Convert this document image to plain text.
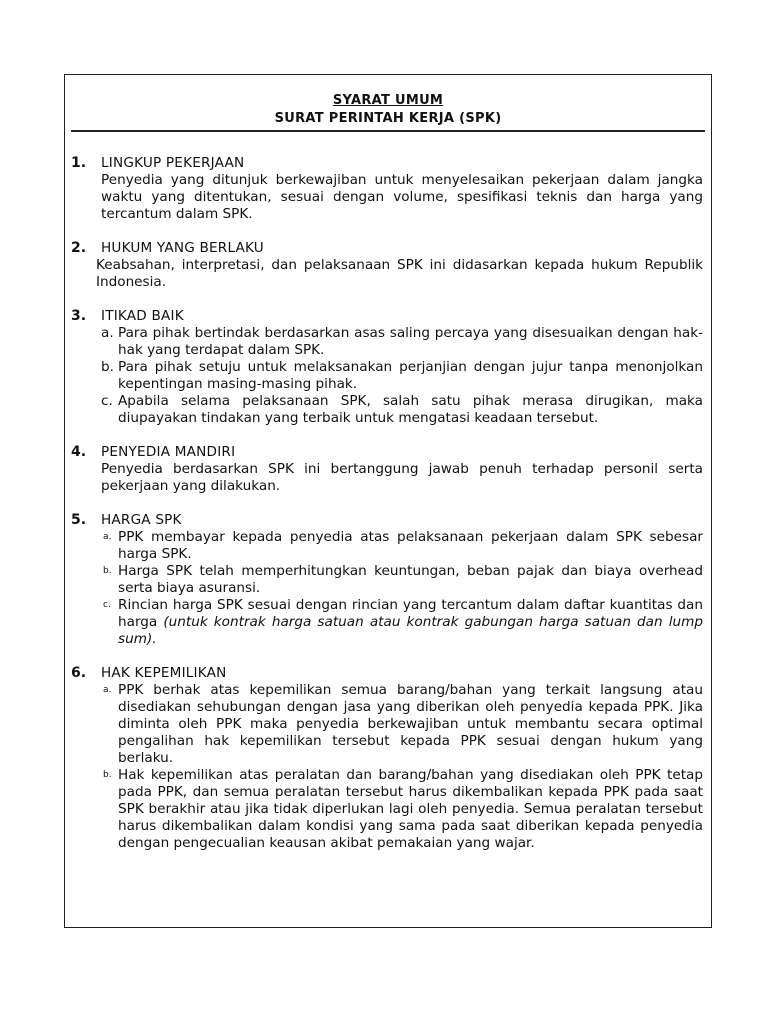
SYARAT UMUM
SURAT PERINTAH KERJA (SPK)
1. LINGKUP PEKERJAAN
Penyedia yang ditunjuk berkewajiban untuk menyelesaikan pekerjaan dalam jangka waktu yang ditentukan, sesuai dengan volume, spesifikasi teknis dan harga yang tercantum dalam SPK.
2. HUKUM YANG BERLAKU
Keabsahan, interpretasi, dan pelaksanaan SPK ini didasarkan kepada hukum Republik Indonesia.
3. ITIKAD BAIK
a. Para pihak bertindak berdasarkan asas saling percaya yang disesuaikan dengan hak-hak yang terdapat dalam SPK.
b. Para pihak setuju untuk melaksanakan perjanjian dengan jujur tanpa menonjolkan kepentingan masing-masing pihak.
c. Apabila selama pelaksanaan SPK, salah satu pihak merasa dirugikan, maka diupayakan tindakan yang terbaik untuk mengatasi keadaan tersebut.
4. PENYEDIA MANDIRI
Penyedia berdasarkan SPK ini bertanggung jawab penuh terhadap personil serta pekerjaan yang dilakukan.
5. HARGA SPK
a. PPK membayar kepada penyedia atas pelaksanaan pekerjaan dalam SPK sebesar harga SPK.
b. Harga SPK telah memperhitungkan keuntungan, beban pajak dan biaya overhead serta biaya asuransi.
c. Rincian harga SPK sesuai dengan rincian yang tercantum dalam daftar kuantitas dan harga (untuk kontrak harga satuan atau kontrak gabungan harga satuan dan lump sum).
6. HAK KEPEMILIKAN
a. PPK berhak atas kepemilikan semua barang/bahan yang terkait langsung atau disediakan sehubungan dengan jasa yang diberikan oleh penyedia kepada PPK. Jika diminta oleh PPK maka penyedia berkewajiban untuk membantu secara optimal pengalihan hak kepemilikan tersebut kepada PPK sesuai dengan hukum yang berlaku.
b. Hak kepemilikan atas peralatan dan barang/bahan yang disediakan oleh PPK tetap pada PPK, dan semua peralatan tersebut harus dikembalikan kepada PPK pada saat SPK berakhir atau jika tidak diperlukan lagi oleh penyedia. Semua peralatan tersebut harus dikembalikan dalam kondisi yang sama pada saat diberikan kepada penyedia dengan pengecualian keausan akibat pemakaian yang wajar.
